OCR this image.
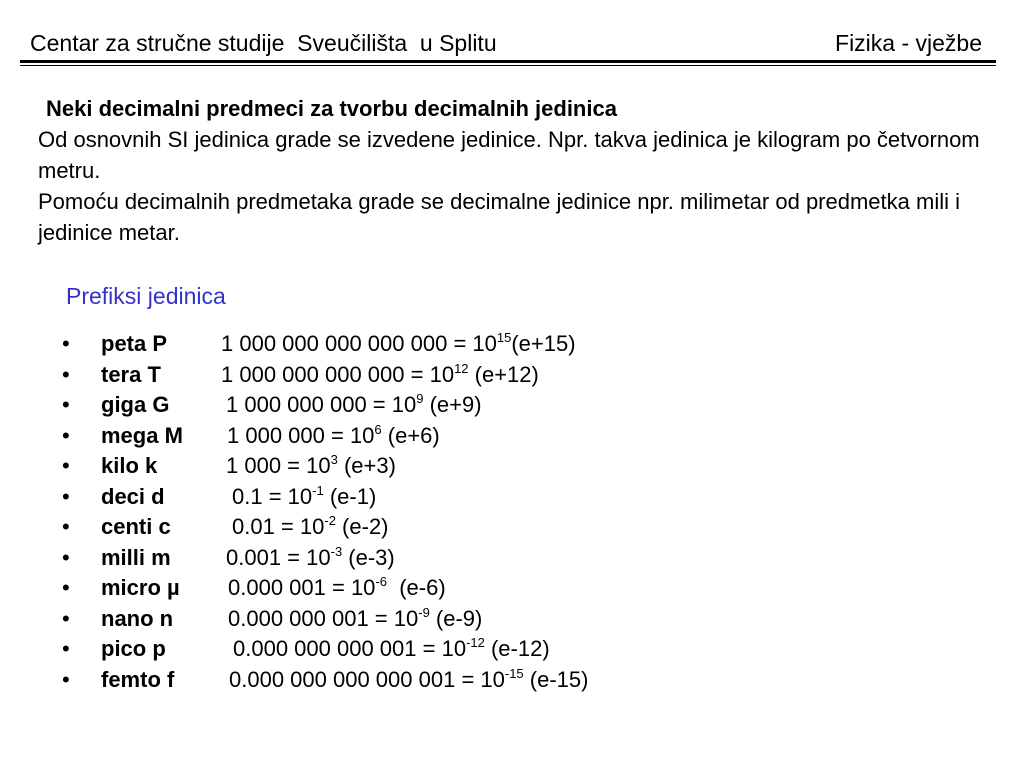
Centar za stručne studije  Sveučilišta  u Splitu	Fizika - vježbe
Neki decimalni predmeci za tvorbu decimalnih jedinica
Od osnovnih SI jedinica grade se izvedene jedinice. Npr. takva jedinica je kilogram po četvornom metru.
Pomoću decimalnih predmetaka grade se decimalne jedinice npr. milimetar od predmetka mili i jedinice metar.
Prefiksi jedinica
• peta P 1 000 000 000 000 $000 = 10^{15}(e+15)$
• tera T	1 000 000 000 $000 = 10^{12}$ (e+12)
• giga G	1 000 000 $000 = 10^9$ (e+9)
• mega M 1 000 $000 = 10^6$ (e+6)
• kilo k	1 $000 = 10^3$ (e+3)
• deci d	$0.1 = 10^{-1}$ (e-1)
• centi c	$0.01 = 10^{-2}$ (e-2)
• milli m	$0.001 = 10^{-3}$ (e-3)
• micro µ 0.000 $001 = 10^{-6}$  (e-6)
• nano n 0.000 000 $001 = 10^{-9}$ (e-9)
• pico p	0.000 000 000 $001 = 10^{-12}$ (e-12)
• femto f 0.000 000 000 000 $001 = 10^{-15}$ (e-15)
